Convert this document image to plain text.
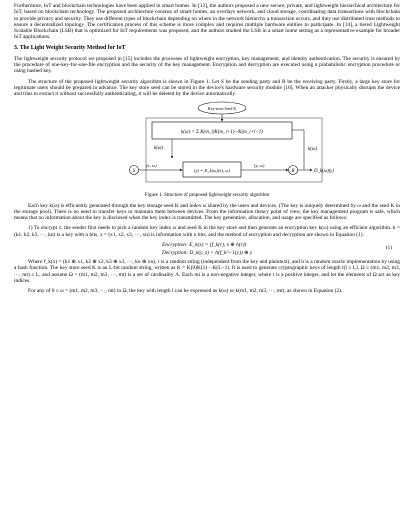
Furthermore, IoT and blockchain technologies have been applied in smart homes. In [13], the authors proposed a new secure, private, and lightweight hierarchical architecture for IoT, based on blockchain technology. The proposed architecture consists of smart homes, an overlays network, and cloud storage, coordinating data transactions with blockchain to provide privacy and security. They use different types of blockchain depending on where in the network hierarchy a transaction occurs, and they use distributed trust methods to ensure a decentralized topology. The certification process of this scheme is more complex and requires multiple hardware entities to participate. In [14], a tiered Lightweight Scalable Blockchain (LSB) that is optimized for IoT requirements was proposed, and the authors studied the LSB in a smart home setting as a representative example for broader IoT applications.

3. The Light Weight Security Method for IoT

The lightweight security protocol we proposed in [15] includes the processes of lightweight encryption, key management, and identity authentication. The security is ensured by the procedure of one-key-for-one-file encryption and the security of the key management. Encryption and decryption are executed using a probabilistic encryption procedure or using hashed key.

The structure of the proposed lightweight security algorithm is shown in Figure 1. Let S be the sending party and R be the receiving party. Firstly, a large key store for legitimate users should be prepared in advance. The key store seed can be stored in the device's hardware security module [16]. When an attacker physically disrupts the device and tries to extract it without successfully authenticating, it will be deleted by the device automatically.

Key-store Seed K
k(ω) = Σ K(m_i)K(m_i+1)···K(m_i+l−1)
k(ω)	k(ω)
S
(x, ω)
(y) = E_k(ω)(x), ω)
(y, ω)
R	D_k(ω)(y)
Figure 1. Structure of proposed lightweight security algorithm

Each key k(ω) is efficiently generated through the key storage seed K and index ω shared by the users and devices. (The key is uniquely determined by ω and the seed K in the storage pool). There is no need to transfer keys or maintain them between devices. From the information theory point of view, the key management program is safe, which means that no information about the key is disclosed when the key index is transmitted. The key generation, allocation, and usage are specified as follows:

1) To encrypt x, the sender first needs to pick a random key index ω and seed K in the key store and then generate an encryption key k(ω) using an efficient algorithm. k = (k1, k2, k3, ···, kn) is a key with n bits, x = (x1, x2, x3, ···, xn) is information with n bits, and the method of encryption and decryption are shown in Equation (1).

Encryption: E_k(x) = (f_k(r), x ⊕ h(r))
Decryption: D_k(y, z) = h(f_k^−1(y)) ⊕ z
(1)

Where f_k(x) = (k1 ⊕ x1, k2 ⊕ x2, k3 ⊕ x3, ···, kn ⊕ xn), r is a random string (independent from the key and plaintext), and h is a random oracle implementation by using a hash function. The key store seed K is an L-bit random string, written as K = K(0)K(1)···K(L−1). It is used to generate cryptographic keys of length l(l ≤ L). Ω ≤ (m1, m2, m3, ···, mt) ≤ L, and assume Ω = (m1, m2, m3, ···, mt) is a set of cardinality Λ. Each mi is a non-negative integer, where t is a positive integer, and let the elements of Ω act as key indices.

For any of 0 ≤ ω = (m1, m2, m3, ···, mt) in Ω, the key with length l can be expressed as k(ω) or k(m1, m2, m3, ···, mt), as shown in Equation (2).
